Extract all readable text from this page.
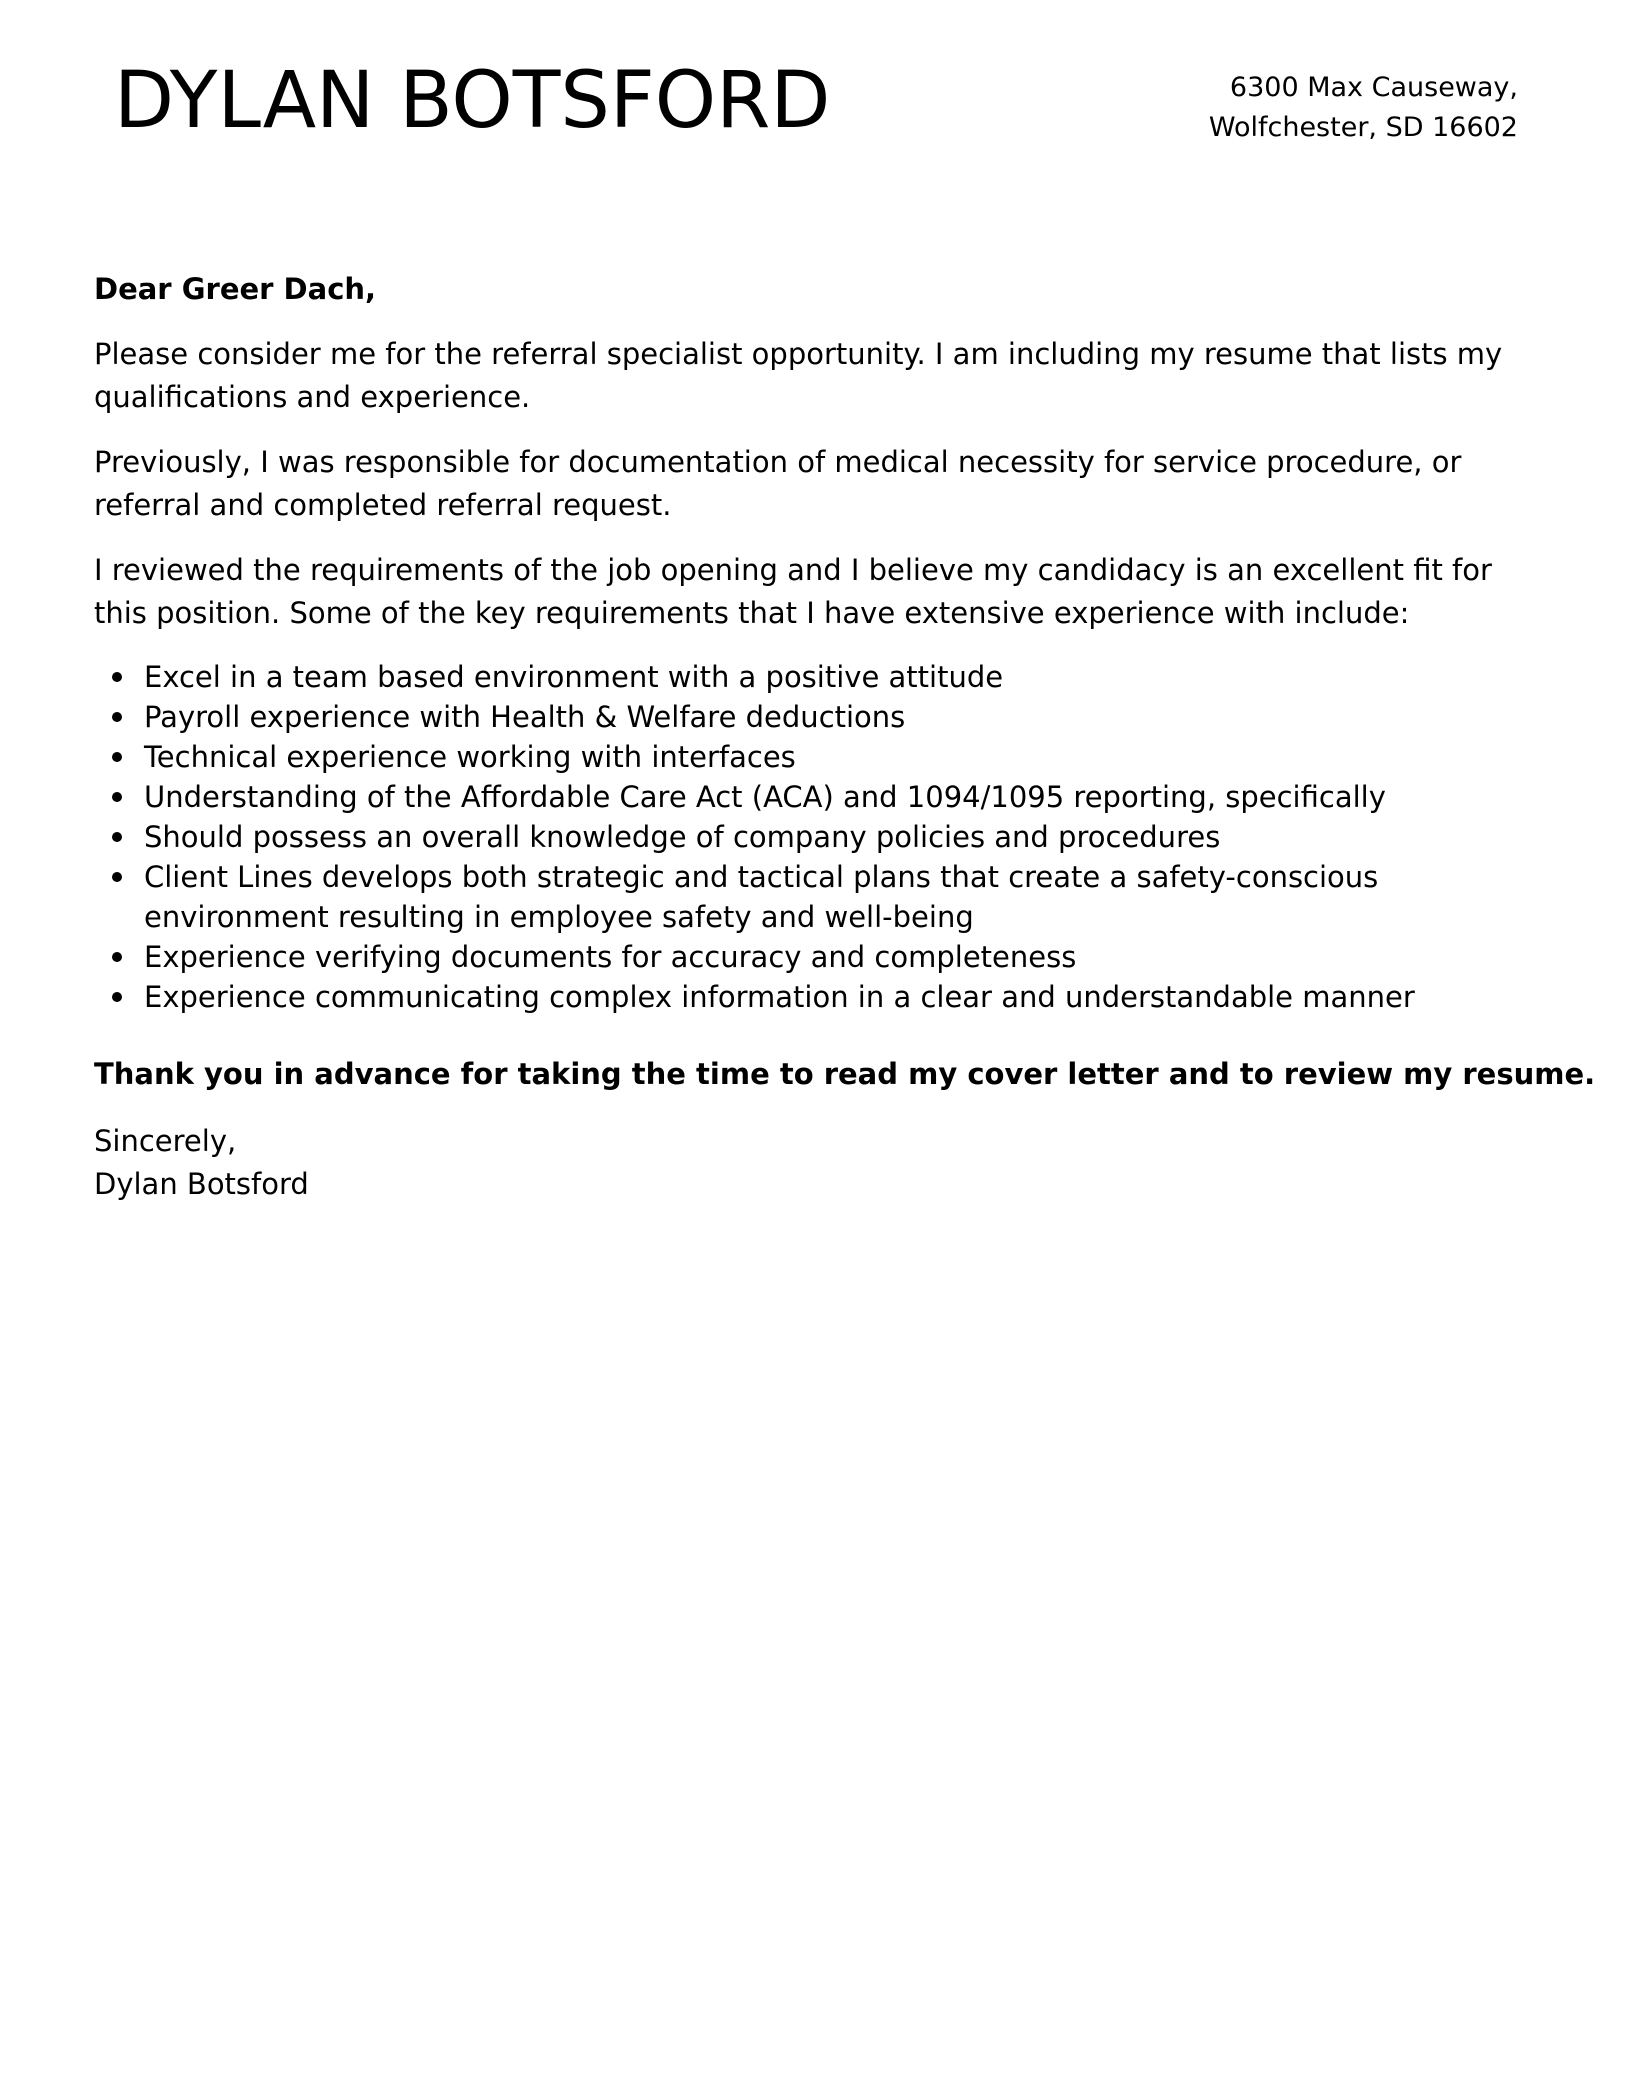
DYLAN BOTSFORD	6300 Max Causeway,
Wolfchester, SD 16602
Dear Greer Dach,

Please consider me for the referral specialist opportunity. I am including my resume that lists my qualifications and experience.

Previously, I was responsible for documentation of medical necessity for service procedure, or referral and completed referral request.

I reviewed the requirements of the job opening and I believe my candidacy is an excellent fit for this position. Some of the key requirements that I have extensive experience with include:

Excel in a team based environment with a positive attitude
Payroll experience with Health & Welfare deductions
Technical experience working with interfaces
Understanding of the Affordable Care Act (ACA) and 1094/1095 reporting, specifically
Should possess an overall knowledge of company policies and procedures
Client Lines develops both strategic and tactical plans that create a safety-conscious environment resulting in employee safety and well-being
Experience verifying documents for accuracy and completeness
Experience communicating complex information in a clear and understandable manner
Thank you in advance for taking the time to read my cover letter and to review my resume.
Sincerely,
Dylan Botsford
